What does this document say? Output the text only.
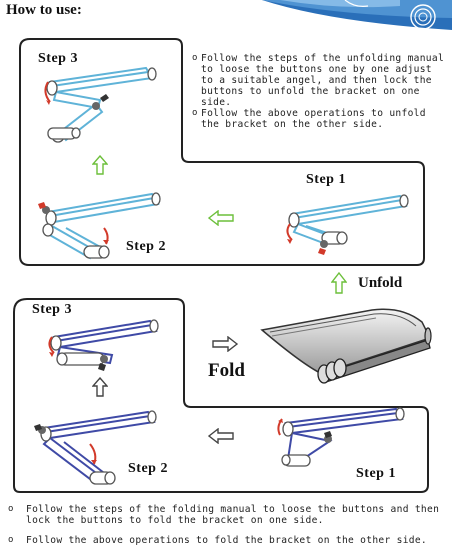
How to use:
Step 3	o Follow the steps of the unfolding manual to loose the buttons one by one adjust to a suitable angel, and then lock the buttons to unfold the bracket on one side.
o Follow the above operations to unfold the bracket on the other side.
Step 2
Step 1
Unfold
Step 3
Fold
Step 2	Step 1
o	Follow the steps of the folding manual to loose the buttons and then lock the buttons to fold the bracket on one side.
o	Follow the above operations to fold the bracket on the other side.
